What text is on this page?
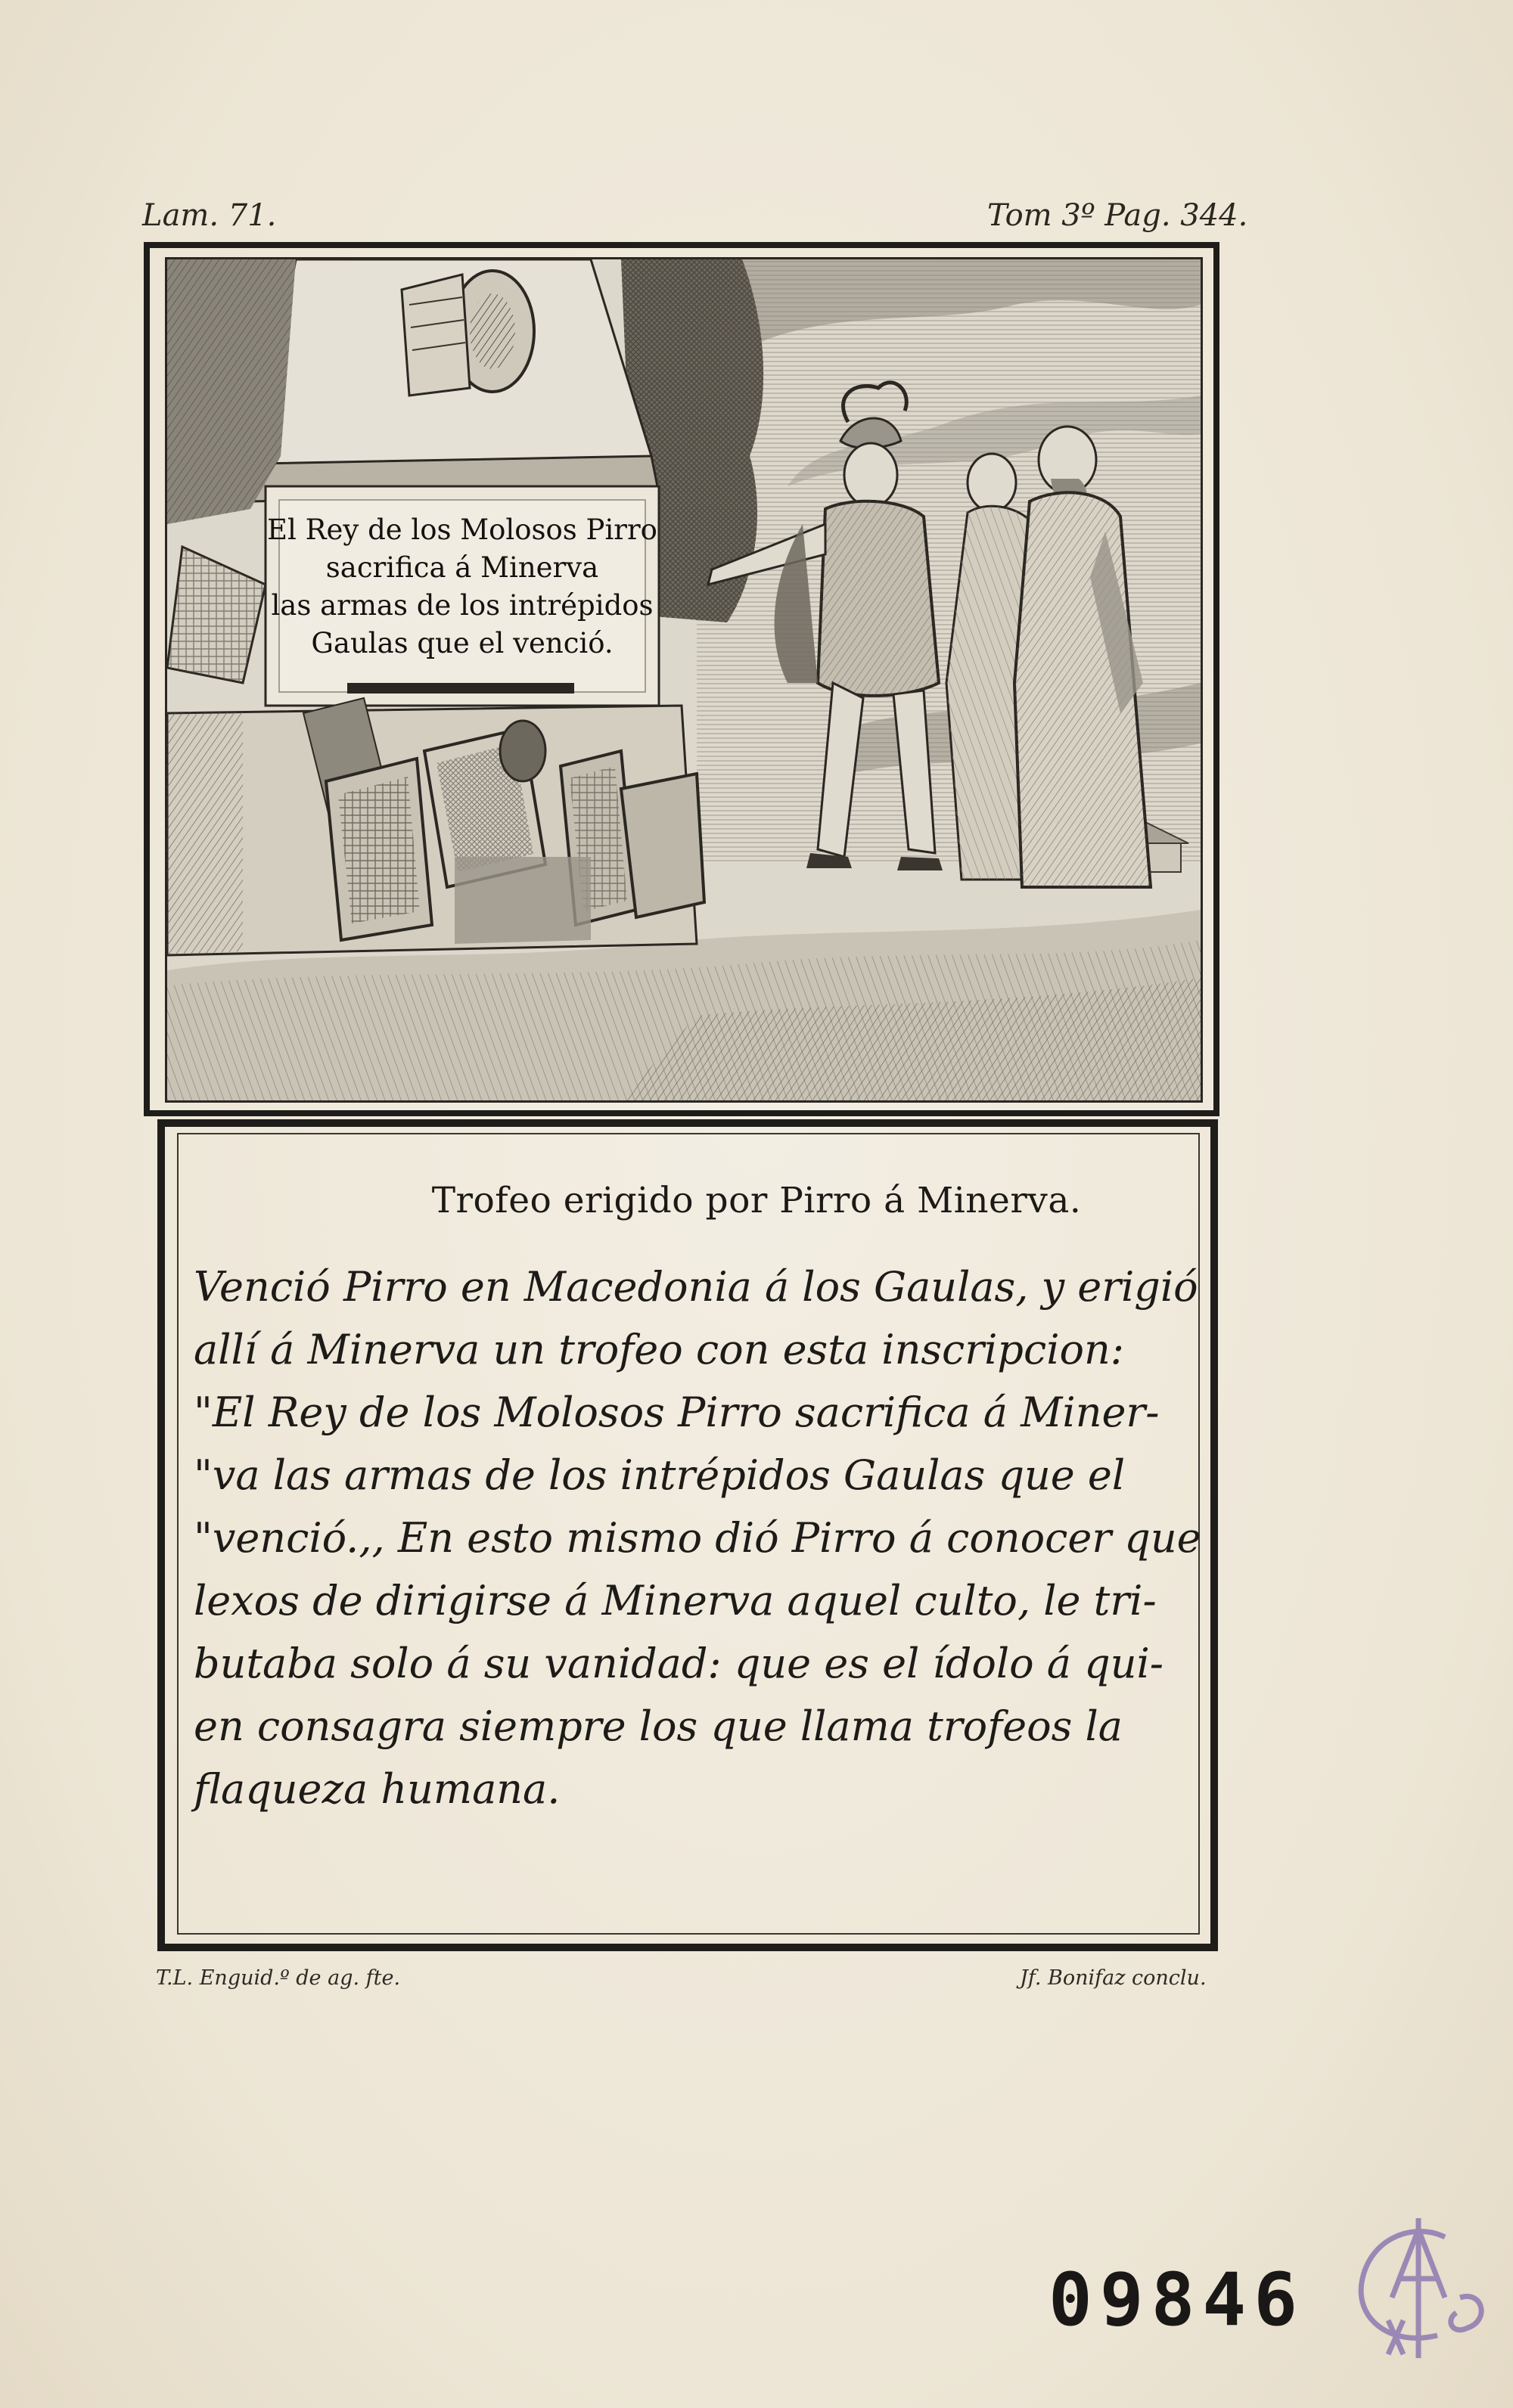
Lam. 71.	Tom 3º Pag. 344.
El Rey de los Molosos Pirro
sacrifica á Minerva
las armas de los intrépidos
Gaulas que el venció.
Trofeo erigido por Pirro á Minerva.
Venció Pirro en Macedonia á los Gaulas, y erigió
allí á Minerva un trofeo con esta inscripcion:
"El Rey de los Molosos Pirro sacrifica á Miner-
"va las armas de los intrépidos Gaulas que el
"venció.,, En esto mismo dió Pirro á conocer que
lexos de dirigirse á Minerva aquel culto, le tri-
butaba solo á su vanidad: que es el ídolo á qui-
en consagra siempre los que llama trofeos la
flaqueza humana.
T.L. Enguid.º de ag. fte.	Jf. Bonifaz conclu.
09846
